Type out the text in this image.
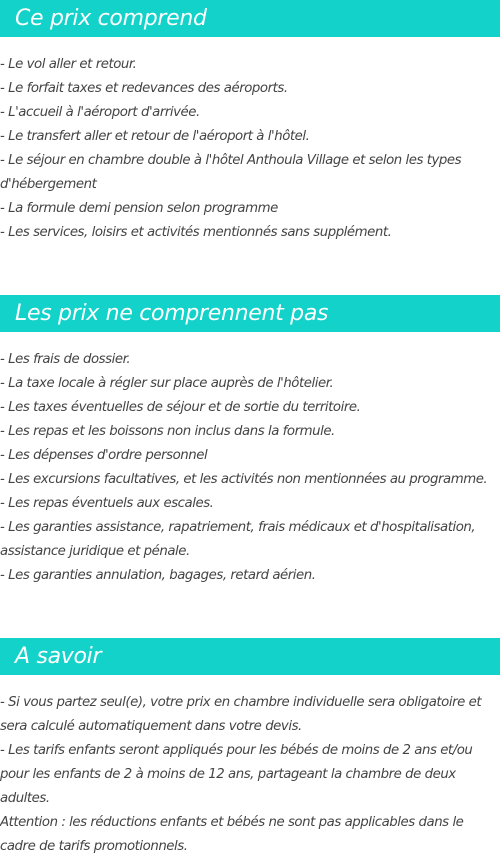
Ce prix comprend
- Le vol aller et retour.
- Le forfait taxes et redevances des aéroports.
- L'accueil à l'aéroport d'arrivée.
- Le transfert aller et retour de l'aéroport à l'hôtel.
- Le séjour en chambre double à l'hôtel Anthoula Village et selon les types d'hébergement
- La formule demi pension selon programme
- Les services, loisirs et activités mentionnés sans supplément.
Les prix ne comprennent pas
- Les frais de dossier.
- La taxe locale à régler sur place auprès de l'hôtelier.
- Les taxes éventuelles de séjour et de sortie du territoire.
- Les repas et les boissons non inclus dans la formule.
- Les dépenses d'ordre personnel
- Les excursions facultatives, et les activités non mentionnées au programme.
- Les repas éventuels aux escales.
- Les garanties assistance, rapatriement, frais médicaux et d'hospitalisation, assistance juridique et pénale.
- Les garanties annulation, bagages, retard aérien.
A savoir
- Si vous partez seul(e), votre prix en chambre individuelle sera obligatoire et sera calculé automatiquement dans votre devis.
- Les tarifs enfants seront appliqués pour les bébés de moins de 2 ans et/ou pour les enfants de 2 à moins de 12 ans, partageant la chambre de deux adultes.
Attention : les réductions enfants et bébés ne sont pas applicables dans le cadre de tarifs promotionnels.
